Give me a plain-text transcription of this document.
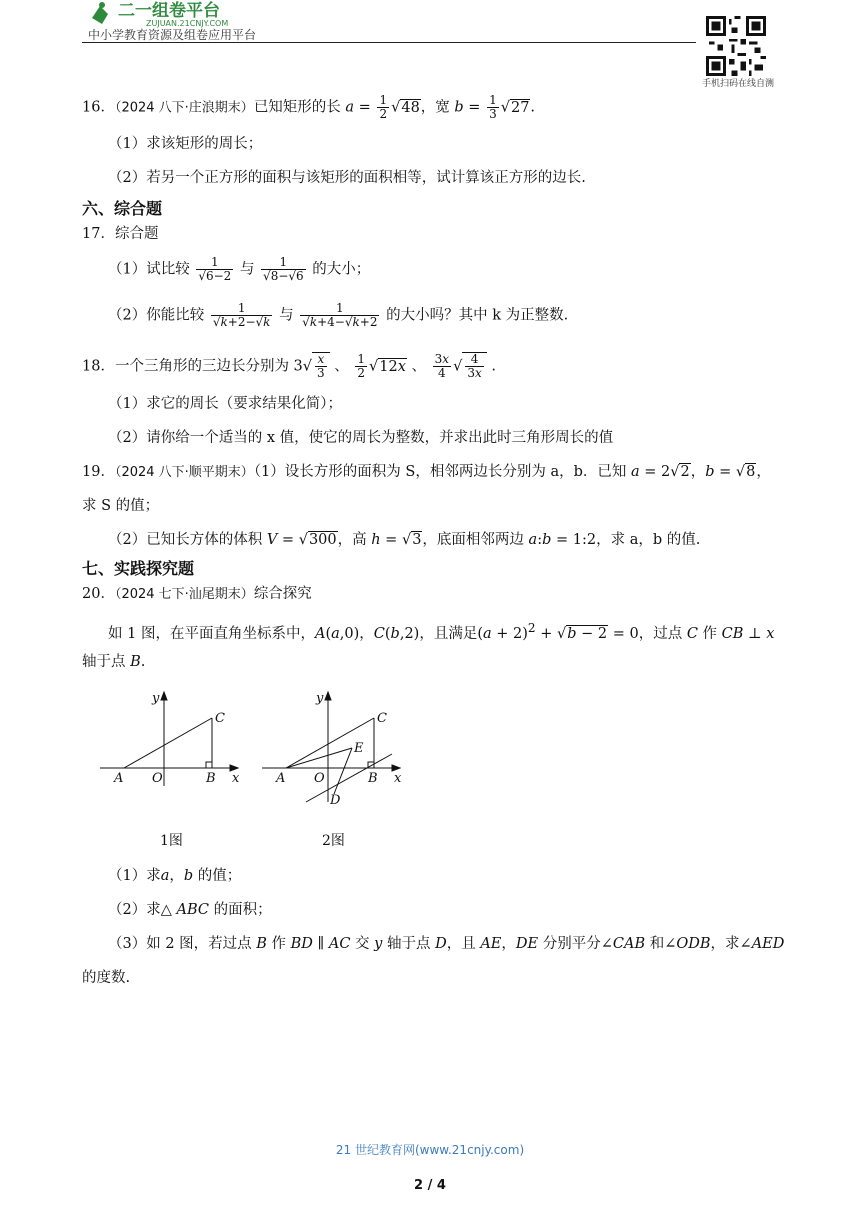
二一组卷平台
ZUJUAN.21CNJY.COM
中小学教育资源及组卷应用平台
手机扫码在线自测
16．（2024 八下·庄浪期末）已知矩形的长 $a = \frac{1}{2} √48$，宽 $b = \frac{1}{3} √27$.
（1）求该矩形的周长；
（2）若另一个正方形的面积与该矩形的面积相等，试计算该正方形的边长.
六、综合题
17．综合题
（1）试比较 $\frac{1}{√6-2}$ 与 $\frac{1}{√8-√6}$ 的大小；
（2）你能比较 $\frac{1}{√k+2-√k}$ 与 $\frac{1}{√k+4-√k+2}$ 的大小吗？其中 k 为正整数.
18．一个三角形的三边长分别为 $3√ \frac{x}{3}$ 、 $\frac{1}{2} √12x$ 、 $\frac{3x}{4}$ √ $\frac{4}{3x}$ .
（1）求它的周长（要求结果化简）；
（2）请你给一个适当的 x 值，使它的周长为整数，并求出此时三角形周长的值
19．（2024 八下·顺平期末）（1）设长方形的面积为 S，相邻两边长分别为 a，b．已知 a = 2√2，b = √8，
求 S 的值；
（2）已知长方体的体积 V = √300，高 h = √3，底面相邻两边 a:b = 1:2，求 a，b 的值.
七、实践探究题
20．（2024 七下·汕尾期末）综合探究
如 1 图，在平面直角坐标系中，A(a,0)，C(b,2)，且满足$(a + 2)^2 + √b - 2 = 0$，过点 C 作 CB ⊥ x
轴于点 B.
y
C
A O	B x
y
C
E
A O	B x
D
1图	2图
（1）求a，b 的值；
（2）求△ ABC 的面积；
（3）如 2 图，若过点 B 作 BD ∥ AC 交 y 轴于点 D，且 AE，DE 分别平分∠CAB 和∠ODB，求∠AED
的度数.
21 世纪教育网(www.21cnjy.com)
2 / 4
